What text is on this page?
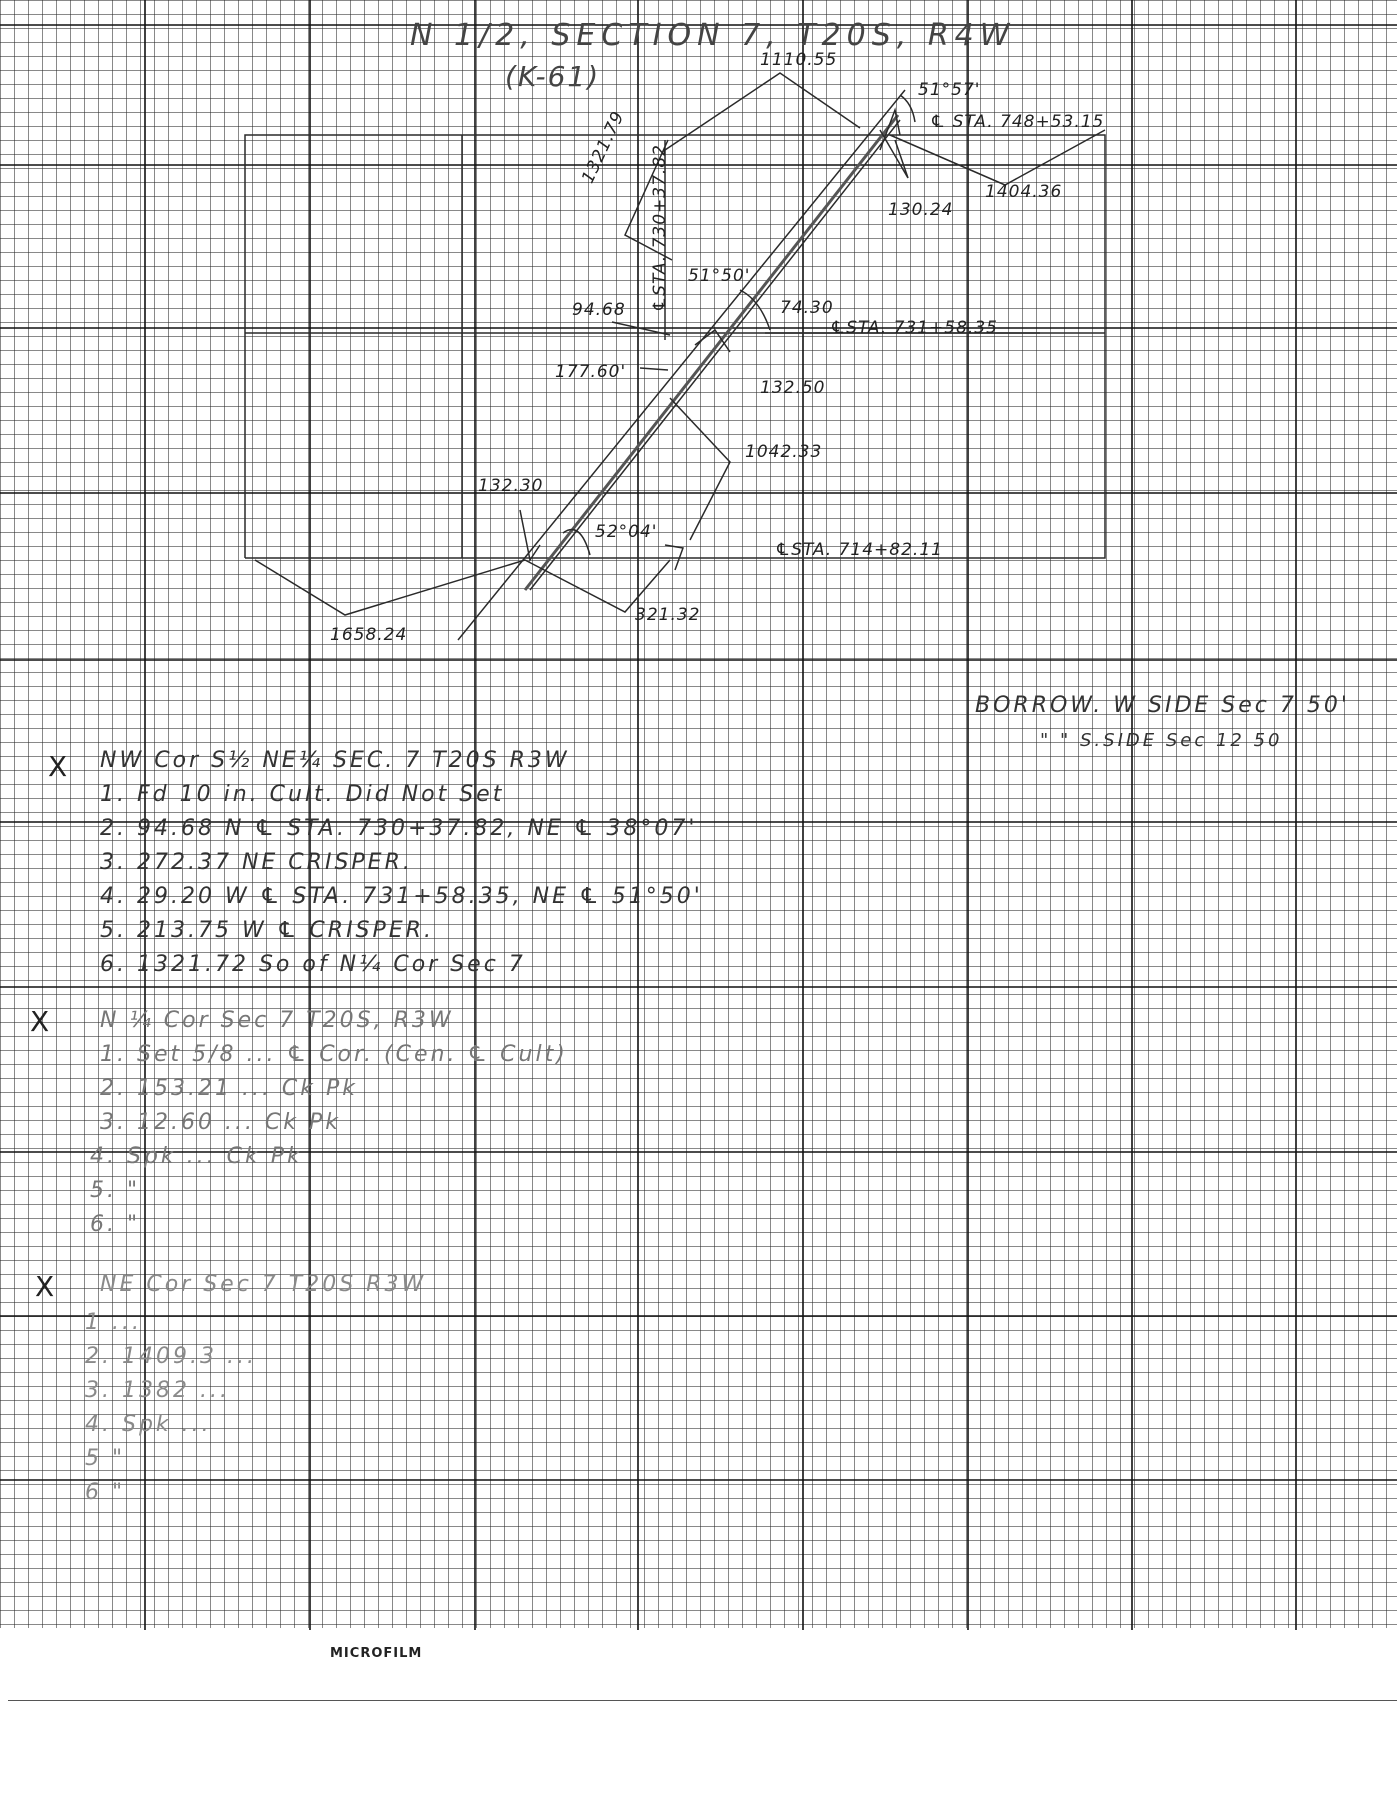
N 1/2, SECTION 7, T20S, R4W
(K-61)	1110.55
51°57'
℄ STA. 748+53.15
1321.79 ℄STA. 730+37.82	130.24
1404.36
51°50'
94.68	74.30
℄STA. 731+58.35
177.60'
132.50
1042.33
132.30
52°04'
℄STA. 714+82.11
321.32
1658.24
BORROW. W SIDE Sec 7 50'
" " S.SIDE Sec 12 50
X NW Cor S½ NE¼ SEC. 7 T20S R3W
1. Fd 10 in. Cult. Did Not Set
2. 94.68 N ℄ STA. 730+37.82, NE ℄ 38°07'
3. 272.37 NE CRISPER.
4. 29.20 W ℄ STA. 731+58.35, NE ℄ 51°50'
5. 213.75 W ℄ CRISPER.
6. 1321.72 So of N¼ Cor Sec 7
X N ¼ Cor Sec 7 T20S, R3W
1. Set 5/8 ... ℄ Cor. (Cen. ℄ Cult)
2. 153.21 ... Ck Pk
3. 12.60 ... Ck Pk
4. Spk ... Ck Pk
5. "
6. "
X NE Cor Sec 7 T20S R3W
1 ...
2. 1409.3 ...
3. 1382 ...
4. Spk ...
5 "
6 "
MICROFILM
